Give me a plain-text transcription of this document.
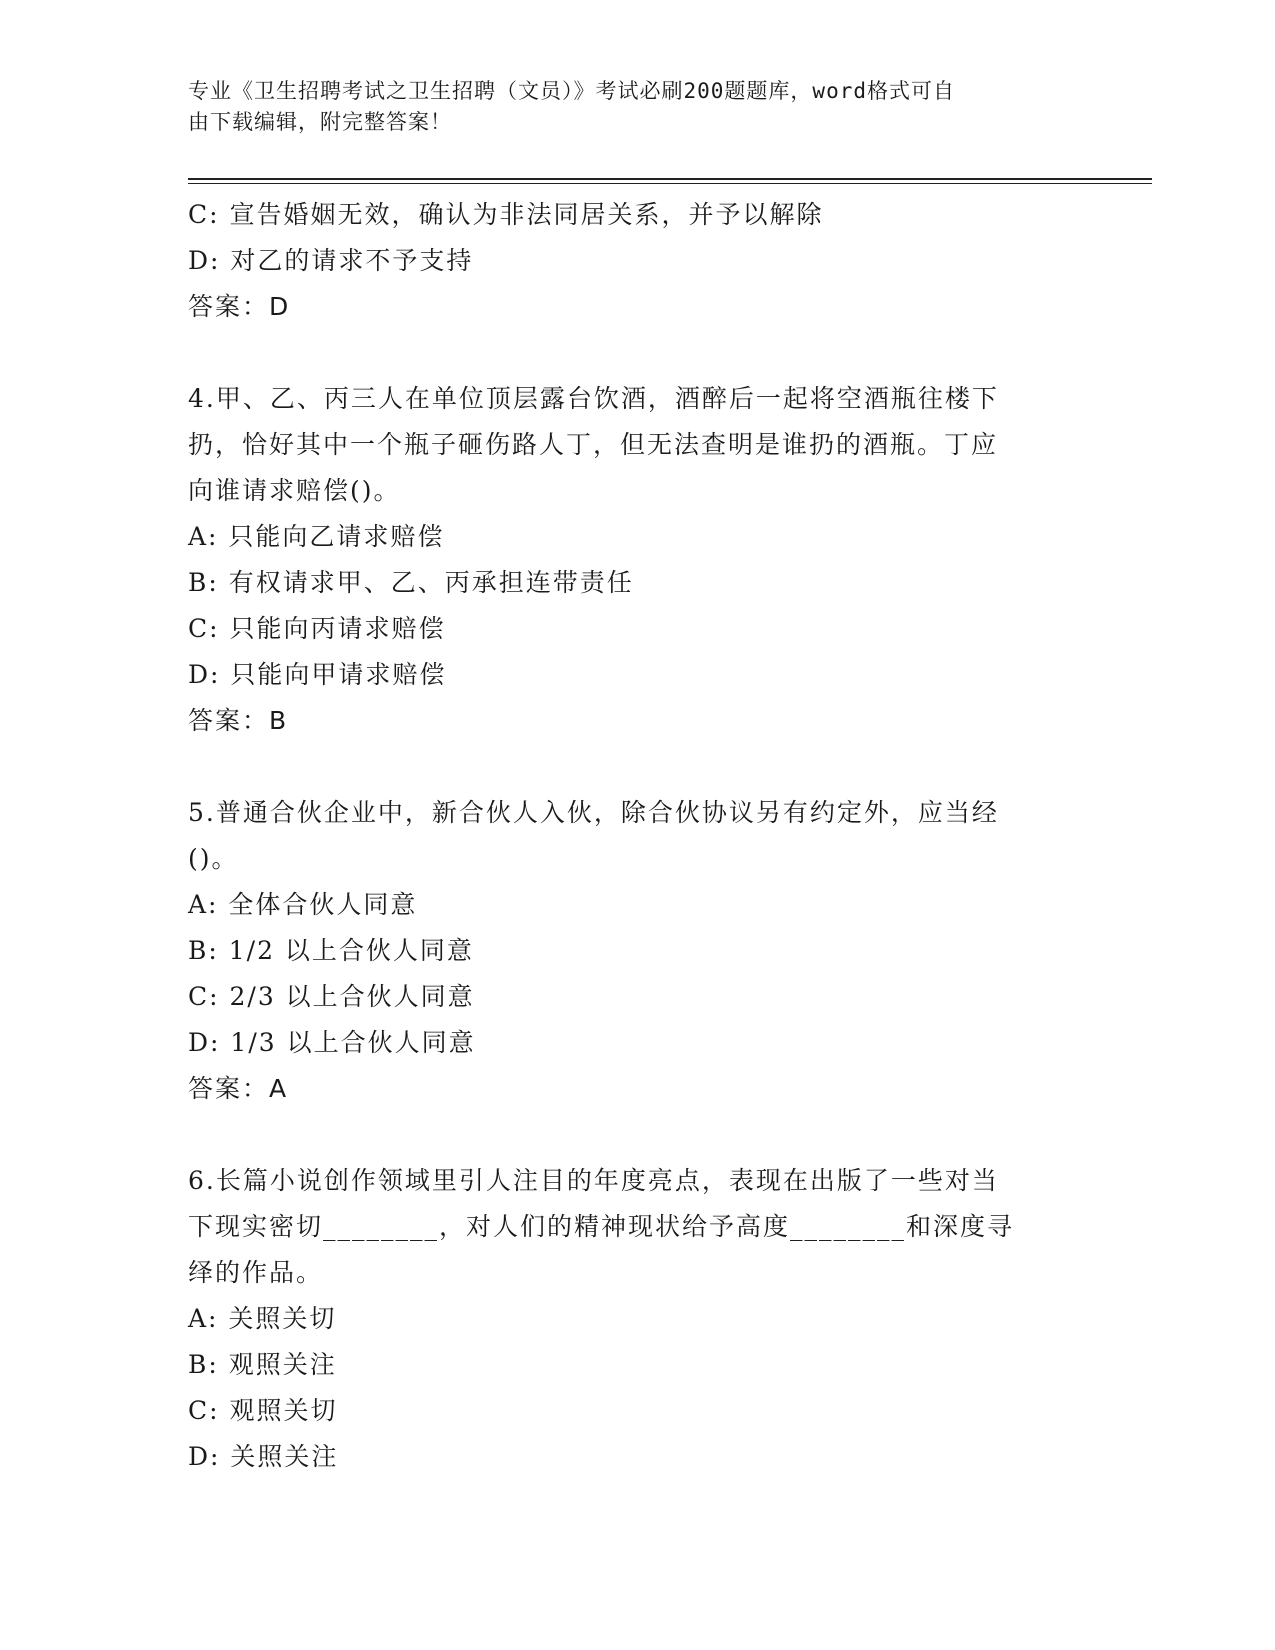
专业《卫生招聘考试之卫生招聘（文员）》考试必刷200题题库，word格式可自
由下载编辑，附完整答案！
C: 宣告婚姻无效，确认为非法同居关系，并予以解除
D: 对乙的请求不予支持
答案：D
4.甲、乙、丙三人在单位顶层露台饮酒，酒醉后一起将空酒瓶往楼下
扔，恰好其中一个瓶子砸伤路人丁，但无法查明是谁扔的酒瓶。丁应
向谁请求赔偿()。
A: 只能向乙请求赔偿
B: 有权请求甲、乙、丙承担连带责任
C: 只能向丙请求赔偿
D: 只能向甲请求赔偿
答案：B
5.普通合伙企业中，新合伙人入伙，除合伙协议另有约定外，应当经
()。
A: 全体合伙人同意
B: 1/2 以上合伙人同意
C: 2/3 以上合伙人同意
D: 1/3 以上合伙人同意
答案：A
6.长篇小说创作领域里引人注目的年度亮点，表现在出版了一些对当
下现实密切________，对人们的精神现状给予高度________和深度寻
绎的作品。
A: 关照关切
B: 观照关注
C: 观照关切
D: 关照关注
